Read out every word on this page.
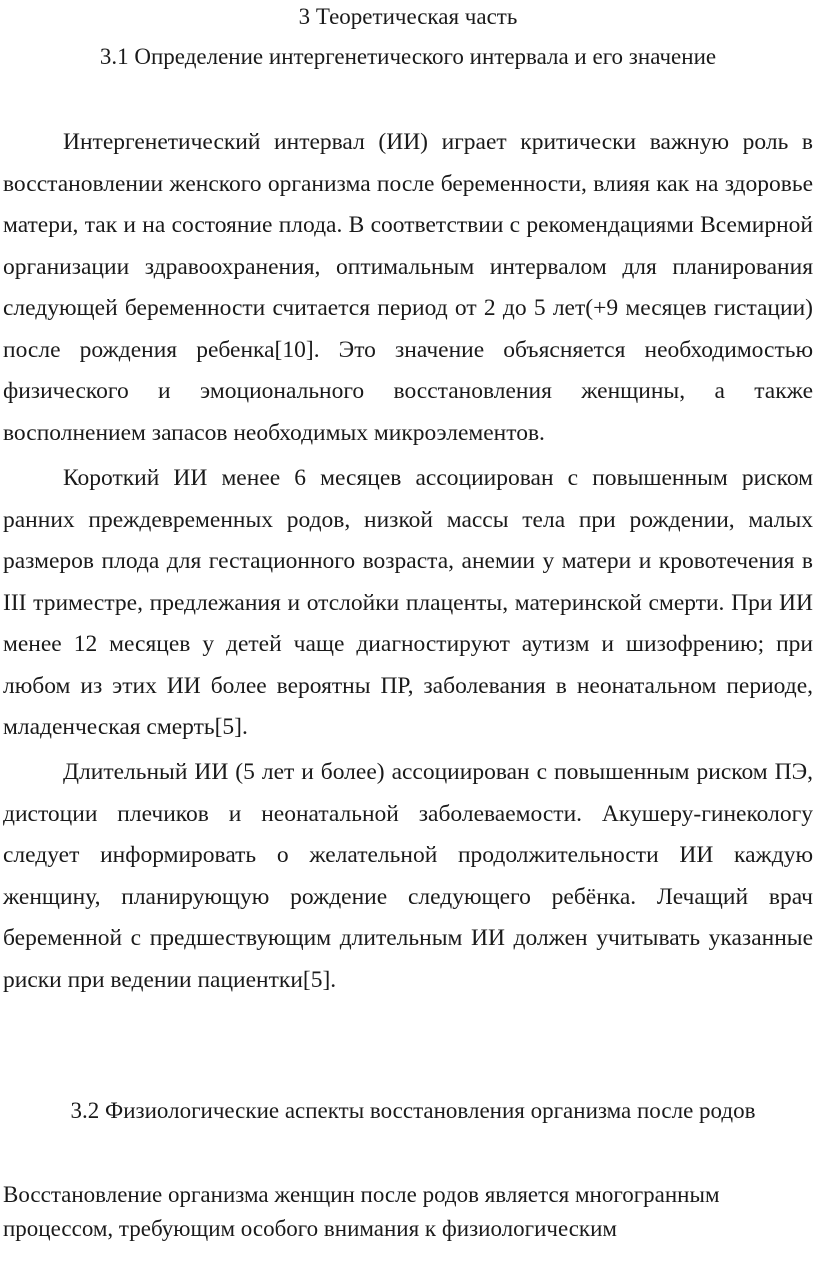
3 Теоретическая часть
3.1 Определение интергенетического интервала и его значение

Интергенетический интервал (ИИ) играет критически важную роль в восстановлении женского организма после беременности, влияя как на здоровье матери, так и на состояние плода. В соответствии с рекомендациями Всемирной организации здравоохранения, оптимальным интервалом для планирования следующей беременности считается период от 2 до 5 лет(+9 месяцев гистации) после рождения ребенка[10]. Это значение объясняется необходимостью физического и эмоционального восстановления женщины, а также восполнением запасов необходимых микроэлементов.

Короткий ИИ менее 6 месяцев ассоциирован с повышенным риском ранних преждевременных родов, низкой массы тела при рождении, малых размеров плода для гестационного возраста, анемии у матери и кровотечения в III триместре, предлежания и отслойки плаценты, материнской смерти. При ИИ менее 12 месяцев у детей чаще диагностируют аутизм и шизофрению; при любом из этих ИИ более вероятны ПР, заболевания в неонатальном периоде, младенческая смерть[5].

Длительный ИИ (5 лет и более) ассоциирован с повышенным риском ПЭ, дистоции плечиков и неонатальной заболеваемости. Акушеру-гинекологу следует информировать о желательной продолжительности ИИ каждую женщину, планирующую рождение следующего ребёнка. Лечащий врач беременной с предшествующим длительным ИИ должен учитывать указанные риски при ведении пациентки[5].

3.2 Физиологические аспекты восстановления организма после родов

Восстановление организма женщин после родов является многогранным процессом, требующим особого внимания к физиологическим
